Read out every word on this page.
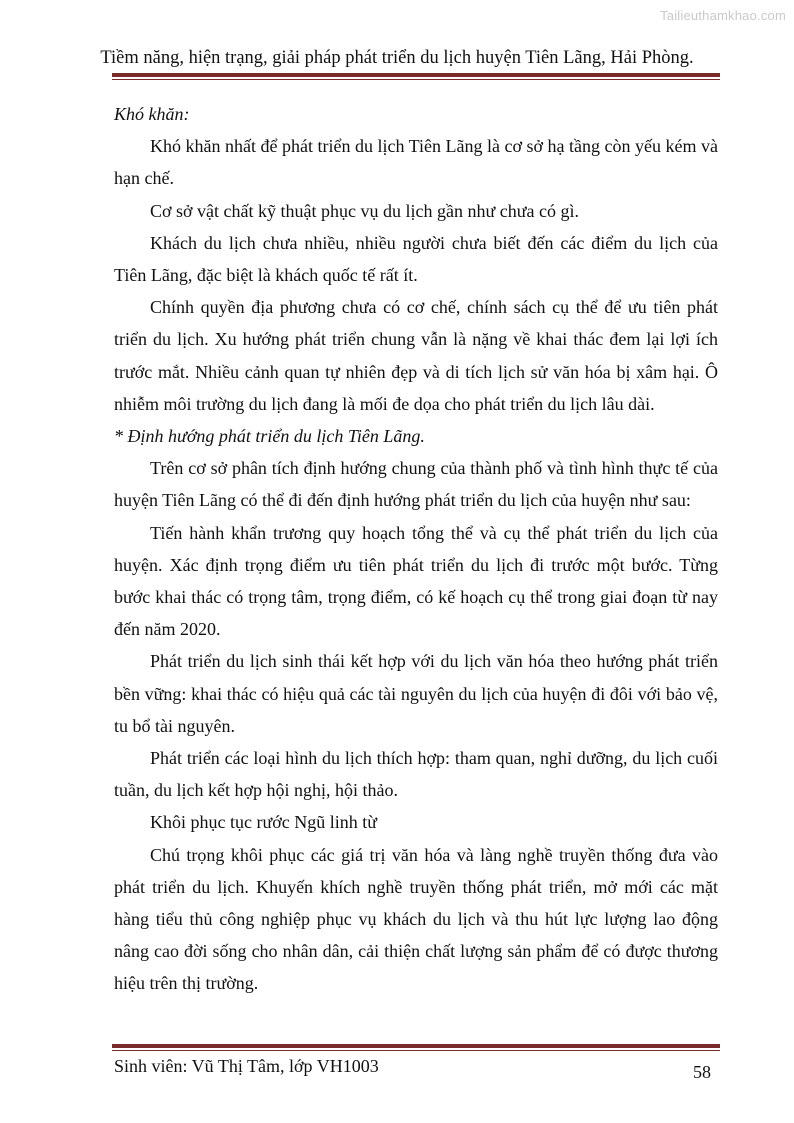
Tailieuthamkhao.com
Tiềm năng, hiện trạng, giải pháp phát triển du lịch huyện Tiên Lãng, Hải Phòng.

Khó khăn:

Khó khăn nhất để phát triển du lịch Tiên Lãng là cơ sở hạ tầng còn yếu kém và hạn chế.

Cơ sở vật chất kỹ thuật phục vụ du lịch gần như chưa có gì.

Khách du lịch chưa nhiều, nhiều người chưa biết đến các điểm du lịch của Tiên Lãng, đặc biệt là khách quốc tế rất ít.

Chính quyền địa phương chưa có cơ chế, chính sách cụ thể để ưu tiên phát triển du lịch. Xu hướng phát triển chung vẫn là nặng về khai thác đem lại lợi ích trước mắt. Nhiều cảnh quan tự nhiên đẹp và di tích lịch sử văn hóa bị xâm hại. Ô nhiễm môi trường du lịch đang là mối đe dọa cho phát triển du lịch lâu dài.

* Định hướng phát triển du lịch Tiên Lãng.

Trên cơ sở phân tích định hướng chung của thành phố và tình hình thực tế của huyện Tiên Lãng có thể đi đến định hướng phát triển du lịch của huyện như sau:

Tiến hành khẩn trương quy hoạch tổng thể và cụ thể phát triển du lịch của huyện. Xác định trọng điểm ưu tiên phát triển du lịch đi trước một bước. Từng bước khai thác có trọng tâm, trọng điểm, có kế hoạch cụ thể trong giai đoạn từ nay đến năm 2020.

Phát triển du lịch sinh thái kết hợp với du lịch văn hóa theo hướng phát triển bền vững: khai thác có hiệu quả các tài nguyên du lịch của huyện đi đôi với bảo vệ, tu bổ tài nguyên.

Phát triển các loại hình du lịch thích hợp: tham quan, nghỉ dưỡng, du lịch cuối tuần, du lịch kết hợp hội nghị, hội thảo.

Khôi phục tục rước Ngũ linh từ

Chú trọng khôi phục các giá trị văn hóa và làng nghề truyền thống đưa vào phát triển du lịch. Khuyến khích nghề truyền thống phát triển, mở mới các mặt hàng tiểu thủ công nghiệp phục vụ khách du lịch và thu hút lực lượng lao động nâng cao đời sống cho nhân dân, cải thiện chất lượng sản phẩm để có được thương hiệu trên thị trường.

Sinh viên: Vũ Thị Tâm, lớp VH1003	58
